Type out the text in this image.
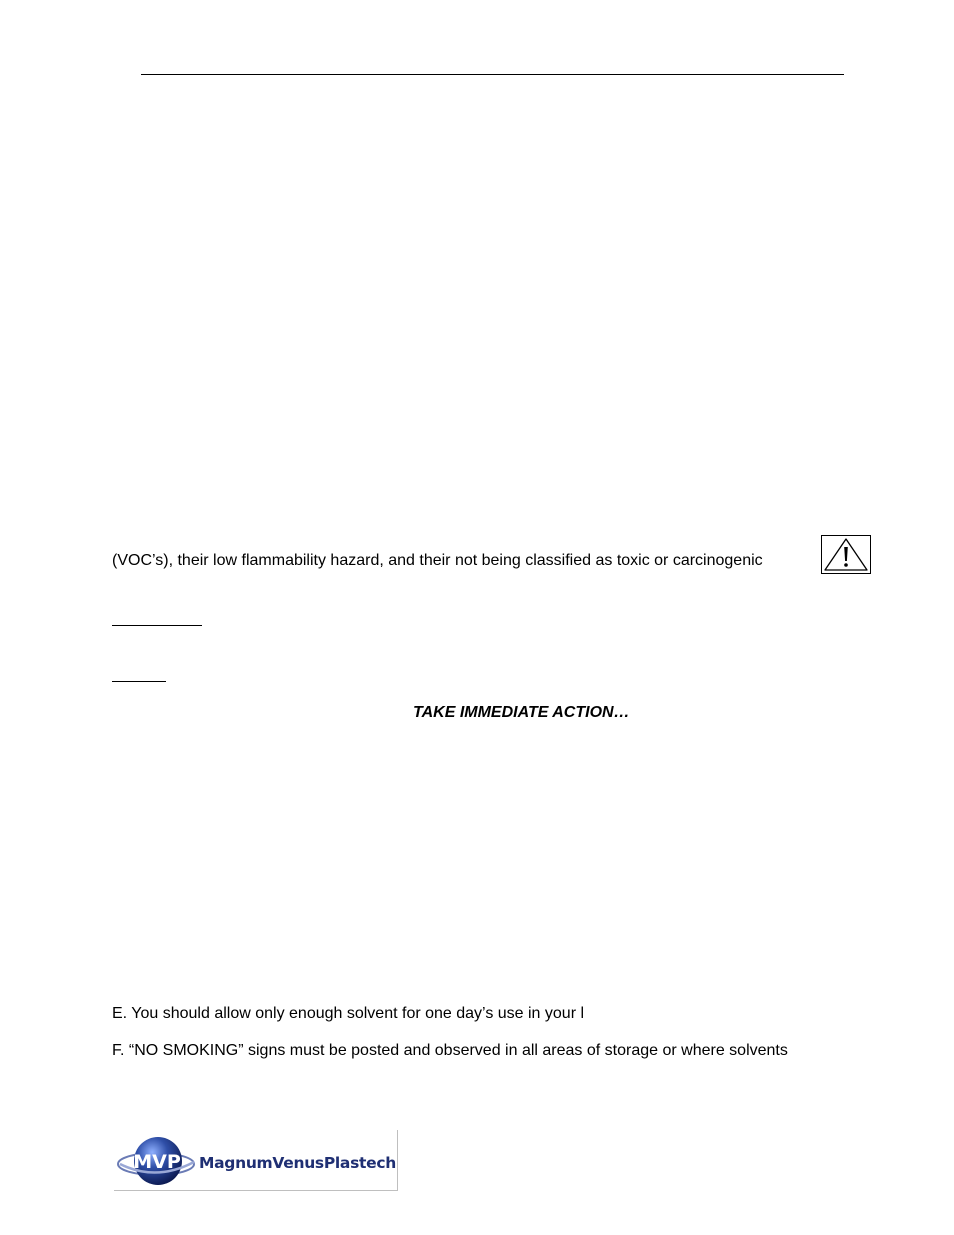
(VOC’s), their low flammability hazard, and their not being classified as toxic or carcinogenic
TAKE IMMEDIATE ACTION…
E. You should allow only enough solvent for one day’s use in your l
F. “NO SMOKING” signs must be posted and observed in all areas of storage or where solvents
MVP MagnumVenusPlastech
